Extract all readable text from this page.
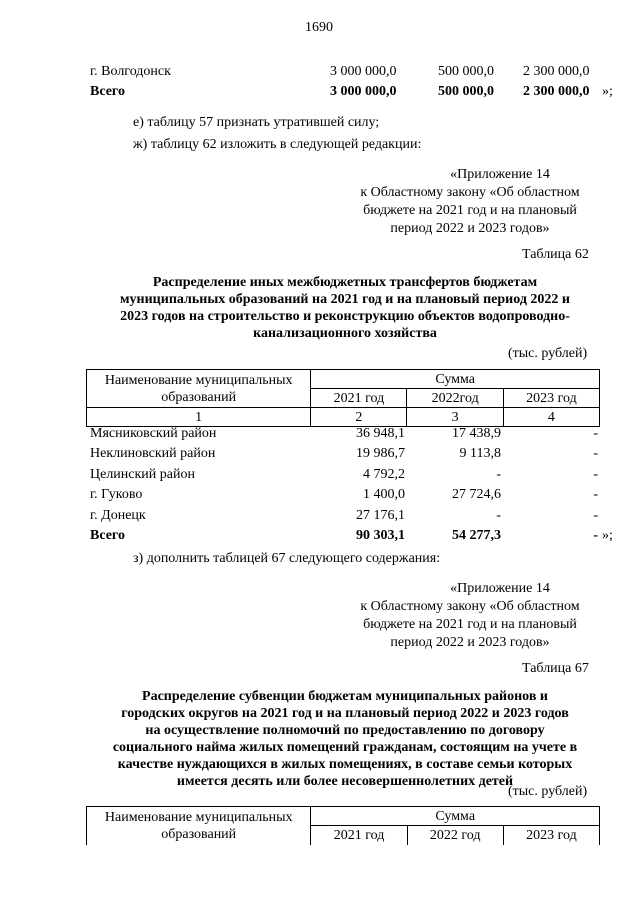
1690
г. Волгодонск	3 000 000,0	500 000,0 2 300 000,0
Всего	3 000 000,0	500 000,0 2 300 000,0 »;
е) таблицу 57 признать утратившей силу;
ж) таблицу 62 изложить в следующей редакции:
«Приложение 14
к Областному закону «Об областном
бюджете на 2021 год и на плановый
период 2022 и 2023 годов»
Таблица 62
Распределение иных межбюджетных трансфертов бюджетам
муниципальных образований на 2021 год и на плановый период 2022 и
2023 годов на строительство и реконструкцию объектов водопроводно-
канализационного хозяйства
(тыс. рублей)
Наименование муниципальных
образований	Сумма		
	2021 год	2022год	2023 год
1	2	3	4
Мясниковский район	36 948,1	17 438,9	-
Неклиновский район	19 986,7	9 113,8	-
Целинский район	4 792,2	-	-
г. Гуково	1 400,0	27 724,6	-
г. Донецк	27 176,1	-	-
Всего	90 303,1	54 277,3	- »;
з) дополнить таблицей 67 следующего содержания:
«Приложение 14
к Областному закону «Об областном
бюджете на 2021 год и на плановый
период 2022 и 2023 годов»
Таблица 67
Распределение субвенции бюджетам муниципальных районов и
городских округов на 2021 год и на плановый период 2022 и 2023 годов
на осуществление полномочий по предоставлению по договору
социального найма жилых помещений гражданам, состоящим на учете в
качестве нуждающихся в жилых помещениях, в составе семьи которых
имеется десять или более несовершеннолетних детей
(тыс. рублей)
Наименование муниципальных
образований	Сумма		
	2021 год	2022 год	2023 год
